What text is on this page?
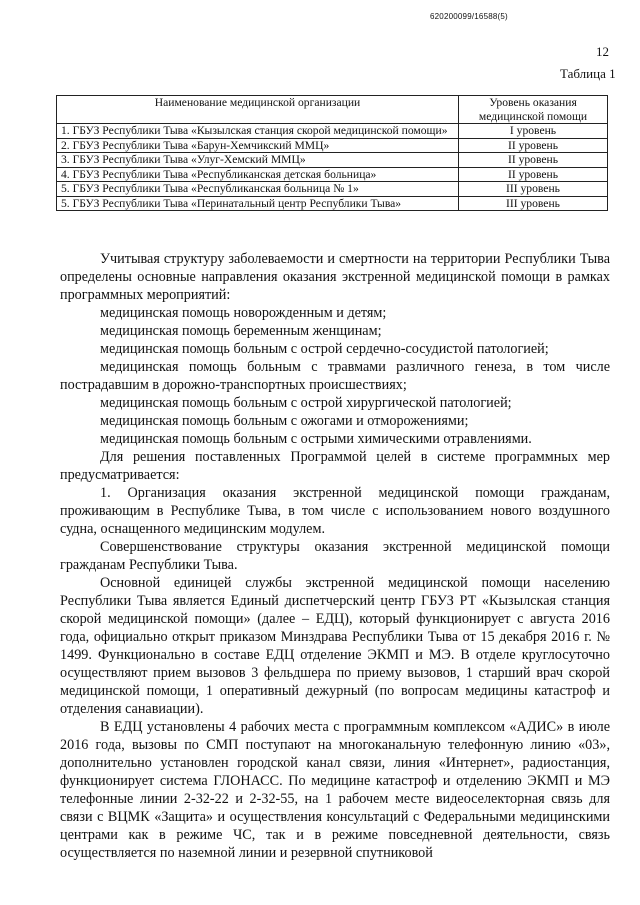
620200099/16588(5)
12
Таблица 1
Наименование медицинской организации	Уровень оказания медицинской помощи
1. ГБУЗ Республики Тыва «Кызылская станция скорой медицинской помощи»	I уровень
2. ГБУЗ Республики Тыва «Барун-Хемчикский ММЦ»	II уровень
3. ГБУЗ Республики Тыва «Улуг-Хемский ММЦ»	II уровень
4. ГБУЗ Республики Тыва «Республиканская детская больница»	II уровень
5. ГБУЗ Республики Тыва «Республиканская больница № 1»	III уровень
5. ГБУЗ Республики Тыва «Перинатальный центр Республики Тыва»	III уровень

Учитывая структуру заболеваемости и смертности на территории Республики Тыва определены основные направления оказания экстренной медицинской помощи в рамках программных мероприятий:

медицинская помощь новорожденным и детям;

медицинская помощь беременным женщинам;

медицинская помощь больным с острой сердечно-сосудистой патологией;

медицинская помощь больным с травмами различного генеза, в том числе пострадавшим в дорожно-транспортных происшествиях;

медицинская помощь больным с острой хирургической патологией;

медицинская помощь больным с ожогами и отморожениями;

медицинская помощь больным с острыми химическими отравлениями.

Для решения поставленных Программой целей в системе программных мер предусматривается:

1. Организация оказания экстренной медицинской помощи гражданам, проживающим в Республике Тыва, в том числе с использованием нового воздушного судна, оснащенного медицинским модулем.

Совершенствование структуры оказания экстренной медицинской помощи гражданам Республики Тыва.

Основной единицей службы экстренной медицинской помощи населению Республики Тыва является Единый диспетчерский центр ГБУЗ РТ «Кызылская станция скорой медицинской помощи» (далее – ЕДЦ), который функционирует с августа 2016 года, официально открыт приказом Минздрава Республики Тыва от 15 декабря 2016 г. № 1499. Функционально в составе ЕДЦ отделение ЭКМП и МЭ. В отделе круглосуточно осуществляют прием вызовов 3 фельдшера по приему вызовов, 1 старший врач скорой медицинской помощи, 1 оперативный дежурный (по вопросам медицины катастроф и отделения санавиации).

В ЕДЦ установлены 4 рабочих места с программным комплексом «АДИС» в июле 2016 года, вызовы по СМП поступают на многоканальную телефонную линию «03», дополнительно установлен городской канал связи, линия «Интернет», радиостанция, функционирует система ГЛОНАСС. По медицине катастроф и отделению ЭКМП и МЭ телефонные линии 2-32-22 и 2-32-55, на 1 рабочем месте видеоселекторная связь для связи с ВЦМК «Защита» и осуществления консультаций с Федеральными медицинскими центрами как в режиме ЧС, так и в режиме повседневной деятельности, связь осуществляется по наземной линии и резервной спутниковой
